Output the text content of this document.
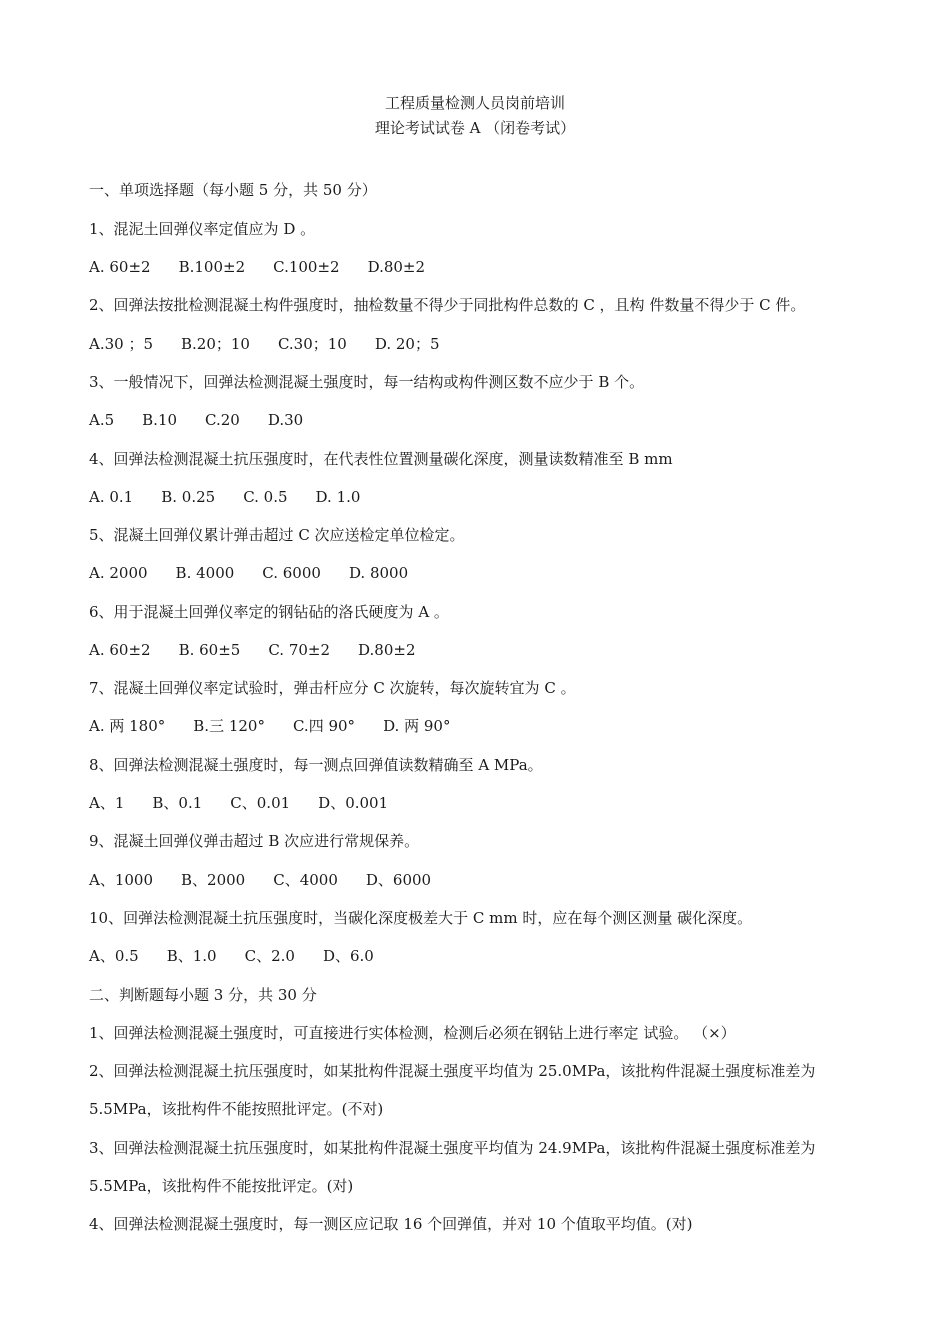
工程质量检测人员岗前培训
理论考试试卷 A （闭卷考试）
一、单项选择题（每小题 5 分，共 50 分）
1、混泥土回弹仪率定值应为 D 。
A. 60±2 B.100±2 C.100±2 D.80±2
2、回弹法按批检测混凝土构件强度时，抽检数量不得少于同批构件总数的 C ，且构 件数量不得少于 C 件。
A.30 ；5 B.20；10 C.30；10 D. 20；5
3、一般情况下，回弹法检测混凝土强度时，每一结构或构件测区数不应少于 B 个。
A.5 B.10 C.20 D.30
4、回弹法检测混凝土抗压强度时，在代表性位置测量碳化深度，测量读数精准至 B mm
A. 0.1 B. 0.25 C. 0.5 D. 1.0
5、混凝土回弹仪累计弹击超过 C 次应送检定单位检定。
A. 2000 B. 4000 C. 6000 D. 8000
6、用于混凝土回弹仪率定的钢钻砧的洛氏硬度为 A 。
A. 60±2 B. 60±5 C. 70±2 D.80±2
7、混凝土回弹仪率定试验时，弹击杆应分 C 次旋转，每次旋转宜为 C 。
A. 两 180° B.三 120° C.四 90° D. 两 90°
8、回弹法检测混凝土强度时，每一测点回弹值读数精确至 A MPa。
A、1 B、0.1 C、0.01 D、0.001
9、混凝土回弹仪弹击超过 B 次应进行常规保养。
A、1000 B、2000 C、4000 D、6000
10、回弹法检测混凝土抗压强度时，当碳化深度极差大于 C mm 时，应在每个测区测量 碳化深度。
A、0.5 B、1.0 C、2.0 D、6.0
二、判断题每小题 3 分，共 30 分
1、回弹法检测混凝土强度时，可直接进行实体检测，检测后必须在钢钻上进行率定 试验。 （×）
2、回弹法检测混凝土抗压强度时，如某批构件混凝土强度平均值为 25.0MPa，该批构件混凝土强度标准差为
5.5MPa，该批构件不能按照批评定。(不对)
3、回弹法检测混凝土抗压强度时，如某批构件混凝土强度平均值为 24.9MPa，该批构件混凝土强度标准差为
5.5MPa，该批构件不能按批评定。(对)
4、回弹法检测混凝土强度时，每一测区应记取 16 个回弹值，并对 10 个值取平均值。(对)
